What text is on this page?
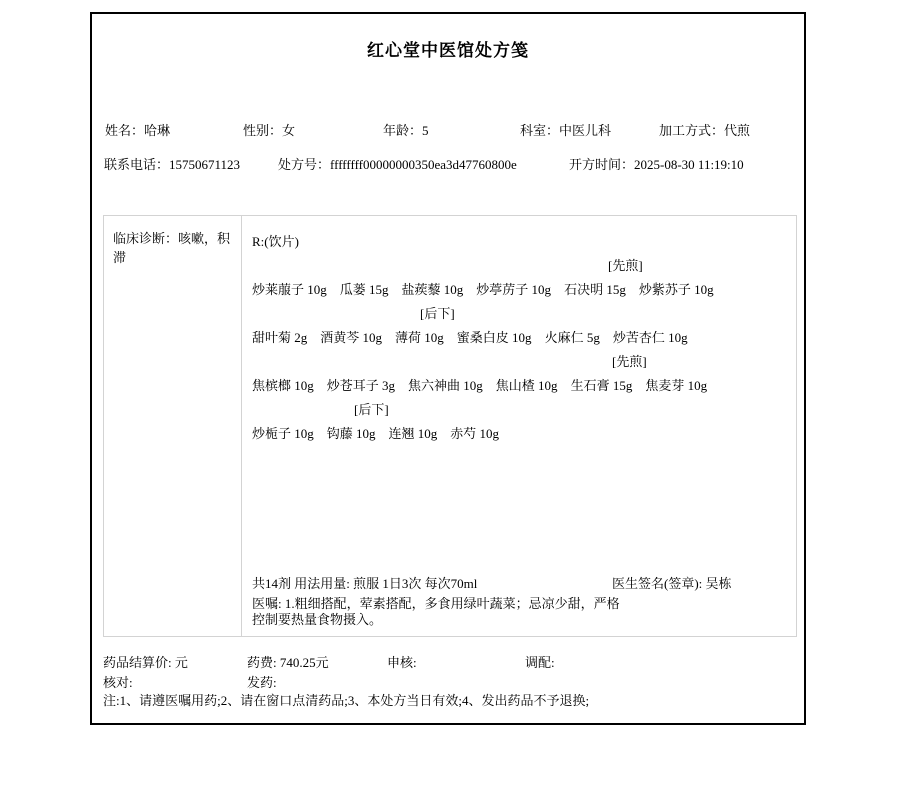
红心堂中医馆处方笺
姓名：哈琳	性别：女	年龄：5	科室：中医儿科	加工方式：代煎
联系电话：15750671123	处方号：ffffffff00000000350ea3d47760800e	开方时间：2025-08-30 11:19:10
临床诊断：咳嗽，积滞
R:(饮片)
[先煎]
炒莱菔子 10g 瓜蒌 15g 盐蒺藜 10g 炒葶苈子 10g 石决明 15g 炒紫苏子 10g
[后下]
甜叶菊 2g 酒黄芩 10g 薄荷 10g 蜜桑白皮 10g 火麻仁 5g 炒苦杏仁 10g
[先煎]
焦槟榔 10g 炒苍耳子 3g 焦六神曲 10g 焦山楂 10g 生石膏 15g 焦麦芽 10g
[后下]
炒栀子 10g 钩藤 10g 连翘 10g 赤芍 10g
共14剂 用法用量: 煎服 1日3次 每次70ml	医生签名(签章): 吴栋
医嘱: 1.粗细搭配，荤素搭配，多食用绿叶蔬菜；忌凉少甜，严格
控制要热量食物摄入。
药品结算价: 元	药费: 740.25元	申核:	调配:
核对:	发药:
注:1、请遵医嘱用药;2、请在窗口点清药品;3、本处方当日有效;4、发出药品不予退换;
